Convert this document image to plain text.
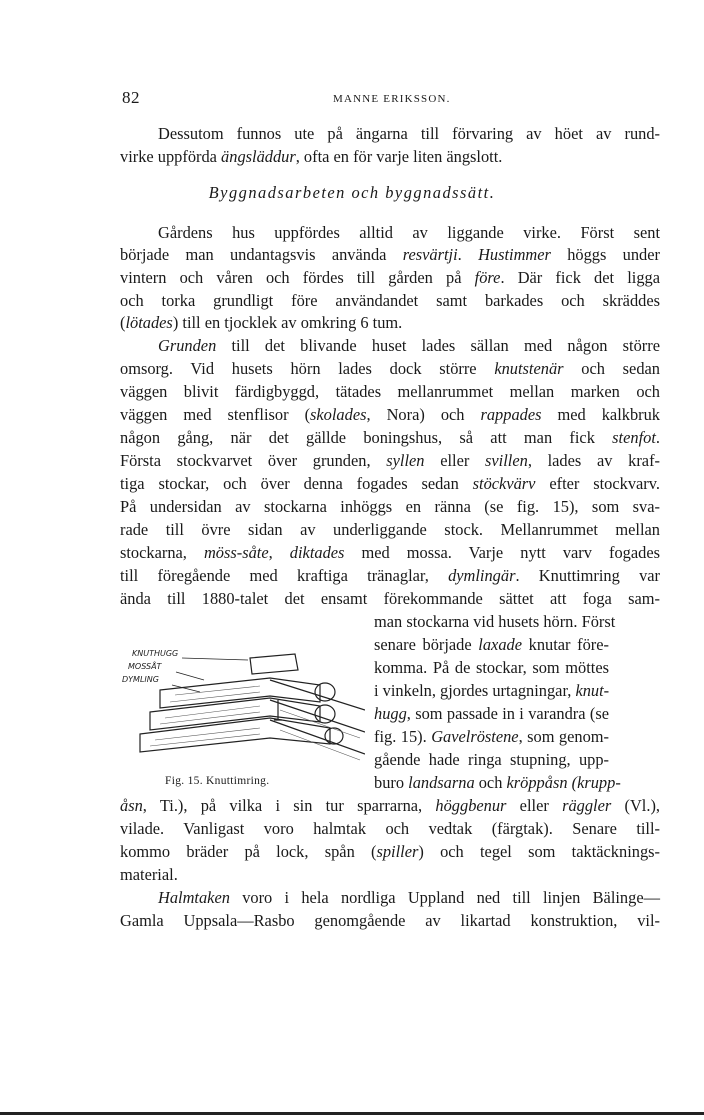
82	MANNE ERIKSSON.
Dessutom funnos ute på ängarna till förvaring av höet av rund-
virke uppförda ängsläddur, ofta en för varje liten ängslott.
Byggnadsarbeten och byggnadssätt.
Gårdens hus uppfördes alltid av liggande virke. Först sent
började man undantagsvis använda resvärtji. Hustimmer höggs under
vintern och våren och fördes till gården på före. Där fick det ligga
och torka grundligt före användandet samt barkades och skräddes
(lötades) till en tjocklek av omkring 6 tum.
Grunden till det blivande huset lades sällan med någon större
omsorg. Vid husets hörn lades dock större knutstenär och sedan
väggen blivit färdigbyggd, tätades mellanrummet mellan marken och
väggen med stenflisor (skolades, Nora) och rappades med kalkbruk
någon gång, när det gällde boningshus, så att man fick stenfot.
Första stockvarvet över grunden, syllen eller svillen, lades av kraf-
tiga stockar, och över denna fogades sedan stöckvärv efter stockvarv.
På undersidan av stockarna inhöggs en ränna (se fig. 15), som sva-
rade till övre sidan av underliggande stock. Mellanrummet mellan
stockarna, möss-såte, diktades med mossa. Varje nytt varv fogades
till föregående med kraftiga tränaglar, dymlingär. Knuttimring var
ända till 1880-talet det ensamt förekommande sättet att foga sam-
man stockarna vid husets hörn. Först
senare började laxade knutar före-
komma. På de stockar, som möttes
i vinkeln, gjordes urtagningar, knut-
hugg, som passade in i varandra (se
fig. 15). Gavelröstene, som genom-
gående hade ringa stupning, upp-
buro landsarna och kröppåsn (krupp-
KNUTHUGG
MOSSÅT
DYMLING
Fig. 15. Knuttimring.
åsn, Ti.), på vilka i sin tur sparrarna, höggbenur eller räggler (Vl.),
vilade. Vanligast voro halmtak och vedtak (färgtak). Senare till-
kommo bräder på lock, spån (spiller) och tegel som taktäcknings-
material.
Halmtaken voro i hela nordliga Uppland ned till linjen Bälinge—
Gamla Uppsala—Rasbo genomgående av likartad konstruktion, vil-
